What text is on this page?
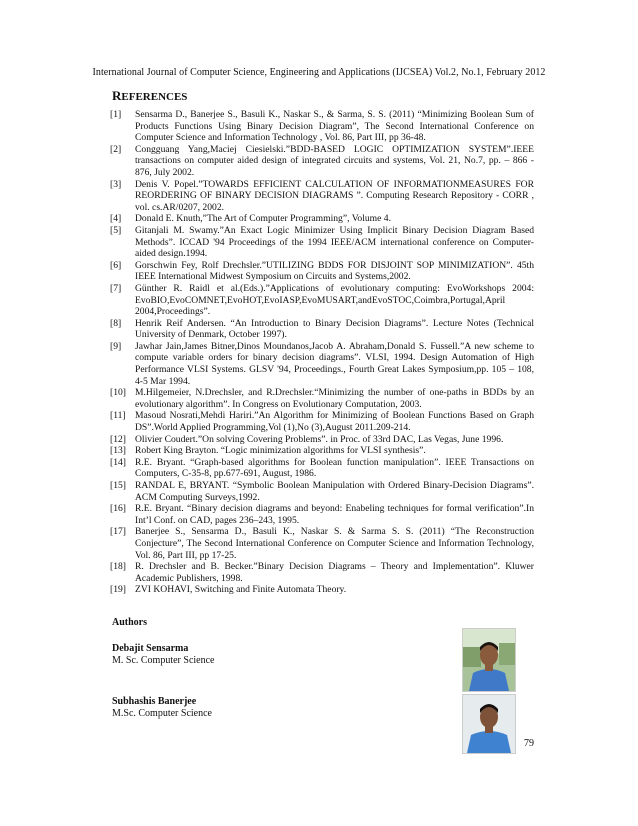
International Journal of Computer Science, Engineering and Applications (IJCSEA) Vol.2, No.1, February 2012
REFERENCES
[1]	Sensarma D., Banerjee S., Basuli K., Naskar S., & Sarma, S. S. (2011) “Minimizing Boolean Sum of Products Functions Using Binary Decision Diagram”, The Second International Conference on Computer Science and Information Technology , Vol. 86, Part III, pp 36-48.
[2]	Congguang Yang,Maciej Ciesielski.”BDD-BASED LOGIC OPTIMIZATION SYSTEM”.IEEE transactions on computer aided design of integrated circuits and systems, Vol. 21, No.7, pp. – 866 - 876, July 2002.
[3]	Denis V. Popel.”TOWARDS EFFICIENT CALCULATION OF INFORMATIONMEASURES FOR REORDERING OF BINARY DECISION DIAGRAMS ”. Computing Research Repository - CORR , vol. cs.AR/0207, 2002.
[4]	Donald E. Knuth,”The Art of Computer Programming”, Volume 4.
[5]	Gitanjali M. Swamy.”An Exact Logic Minimizer Using Implicit Binary Decision Diagram Based Methods”. ICCAD '94 Proceedings of the 1994 IEEE/ACM international conference on Computer-aided design.1994.
[6]	Gorschwin Fey, Rolf Drechsler.”UTILIZING BDDS FOR DISJOINT SOP MINIMIZATION”. 45th IEEE International Midwest Symposium on Circuits and Systems,2002.
[7]	Günther R. Raidl et al.(Eds.).”Applications of evolutionary computing: EvoWorkshops 2004: EvoBIO,EvoCOMNET,EvoHOT,EvoIASP,EvoMUSART,andEvoSTOC,Coimbra,Portugal,April 2004,Proceedings”.
[8]	Henrik Reif Andersen. “An Introduction to Binary Decision Diagrams”. Lecture Notes (Technical University of Denmark, October 1997).
[9]	Jawhar Jain,James Bitner,Dinos Moundanos,Jacob A. Abraham,Donald S. Fussell.”A new scheme to compute variable orders for binary decision diagrams”. VLSI, 1994. Design Automation of High Performance VLSI Systems. GLSV '94, Proceedings., Fourth Great Lakes Symposium,pp. 105 – 108, 4-5 Mar 1994.
[10] M.Hilgemeier, N.Drechsler, and R.Drechsler.“Minimizing the number of one-paths in BDDs by an evolutionary algorithm”. In Congress on Evolutionary Computation, 2003.
[11] Masoud Nosrati,Mehdi Hariri.”An Algorithm for Minimizing of Boolean Functions Based on Graph DS”.World Applied Programming,Vol (1),No (3),August 2011.209-214.
[12] Olivier Coudert.”On solving Covering Problems”. in Proc. of 33rd DAC, Las Vegas, June 1996.
[13] Robert King Brayton. “Logic minimization algorithms for VLSI synthesis”.
[14] R.E. Bryant. “Graph-based algorithms for Boolean function manipulation”. IEEE Transactions on Computers, C-35-8, pp.677-691, August, 1986.
[15] RANDAL E, BRYANT. “Symbolic Boolean Manipulation with Ordered Binary-Decision Diagrams”. ACM Computing Surveys,1992.
[16] R.E. Bryant. “Binary decision diagrams and beyond: Enabeling techniques for formal verification”.In Int’l Conf. on CAD, pages 236–243, 1995.
[17] Banerjee S., Sensarma D., Basuli K., Naskar S. & Sarma S. S. (2011) “The Reconstruction Conjecture”, The Second International Conference on Computer Science and Information Technology, Vol. 86, Part III, pp 17-25.
[18] R. Drechsler and B. Becker.”Binary Decision Diagrams – Theory and Implementation”. Kluwer Academic Publishers, 1998.
[19] ZVI KOHAVI, Switching and Finite Automata Theory.
Authors
Debajit Sensarma
M. Sc. Computer Science
Subhashis Banerjee
M.Sc. Computer Science
79
